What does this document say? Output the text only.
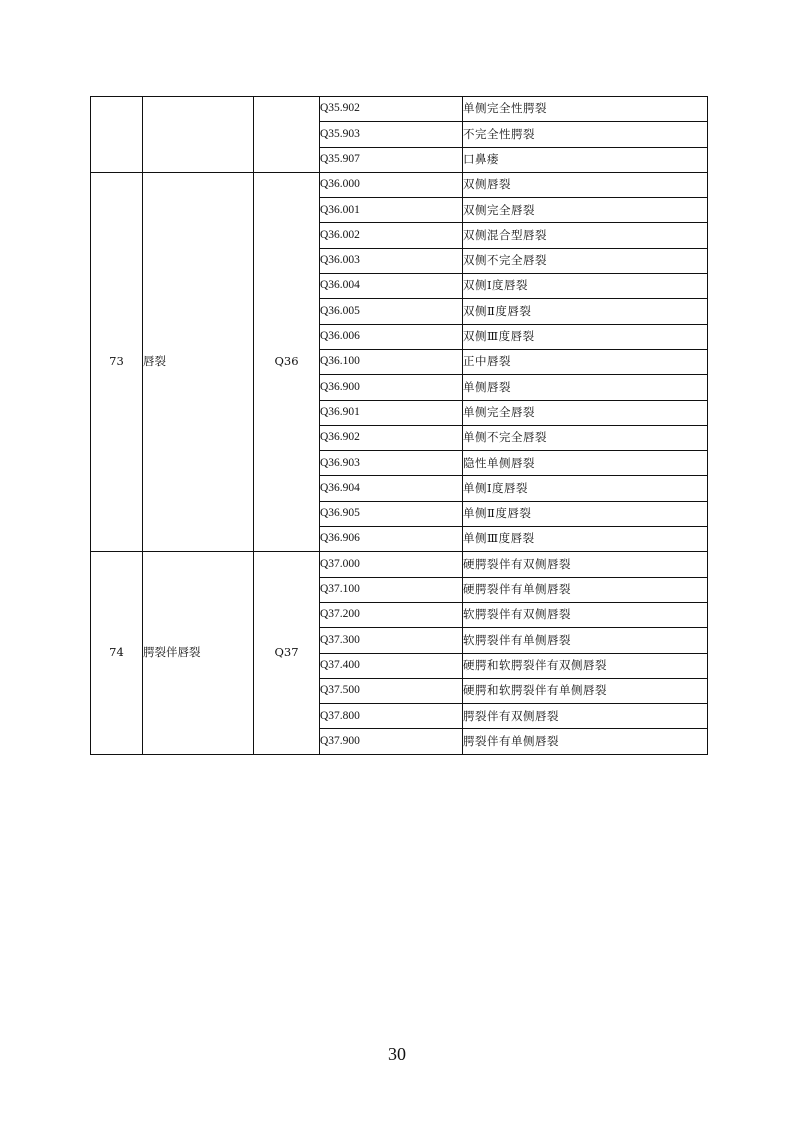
			Q35.902	单侧完全性腭裂
			Q35.903	不完全性腭裂
			Q35.907	口鼻瘘
73	唇裂	Q36	Q36.000	双侧唇裂
			Q36.001	双侧完全唇裂
			Q36.002	双侧混合型唇裂
			Q36.003	双侧不完全唇裂
			Q36.004	双侧Ⅰ度唇裂
			Q36.005	双侧Ⅱ度唇裂
			Q36.006	双侧Ⅲ度唇裂
			Q36.100	正中唇裂
			Q36.900	单侧唇裂
			Q36.901	单侧完全唇裂
			Q36.902	单侧不完全唇裂
			Q36.903	隐性单侧唇裂
			Q36.904	单侧Ⅰ度唇裂
			Q36.905	单侧Ⅱ度唇裂
			Q36.906	单侧Ⅲ度唇裂
74	腭裂伴唇裂	Q37	Q37.000	硬腭裂伴有双侧唇裂
			Q37.100	硬腭裂伴有单侧唇裂
			Q37.200	软腭裂伴有双侧唇裂
			Q37.300	软腭裂伴有单侧唇裂
			Q37.400	硬腭和软腭裂伴有双侧唇裂
			Q37.500	硬腭和软腭裂伴有单侧唇裂
			Q37.800	腭裂伴有双侧唇裂
			Q37.900	腭裂伴有单侧唇裂
30
